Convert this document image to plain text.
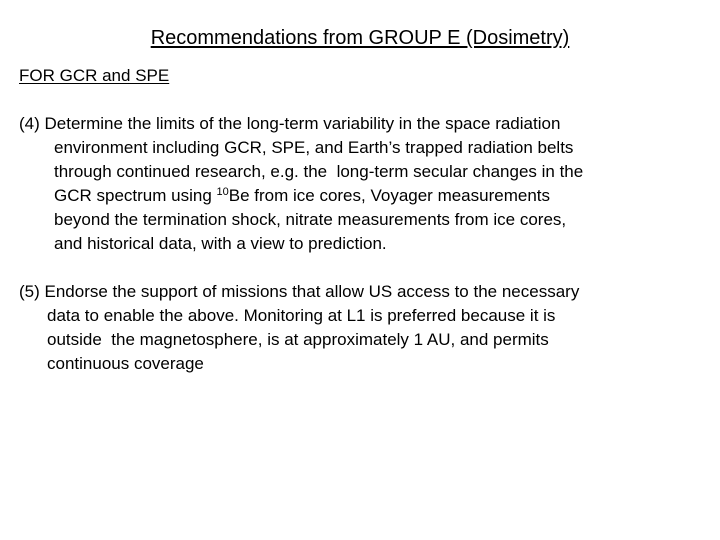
Recommendations from GROUP E (Dosimetry)
FOR GCR and SPE
(4) Determine the limits of the long-term variability in the space radiation
environment including GCR, SPE, and Earth’s trapped radiation belts
through continued research, e.g. the  long-term secular changes in the
GCR spectrum using $^{10}$Be from ice cores, Voyager measurements
beyond the termination shock, nitrate measurements from ice cores,
and historical data, with a view to prediction.
(5) Endorse the support of missions that allow US access to the necessary
data to enable the above. Monitoring at L1 is preferred because it is
outside  the magnetosphere, is at approximately 1 AU, and permits
continuous coverage
